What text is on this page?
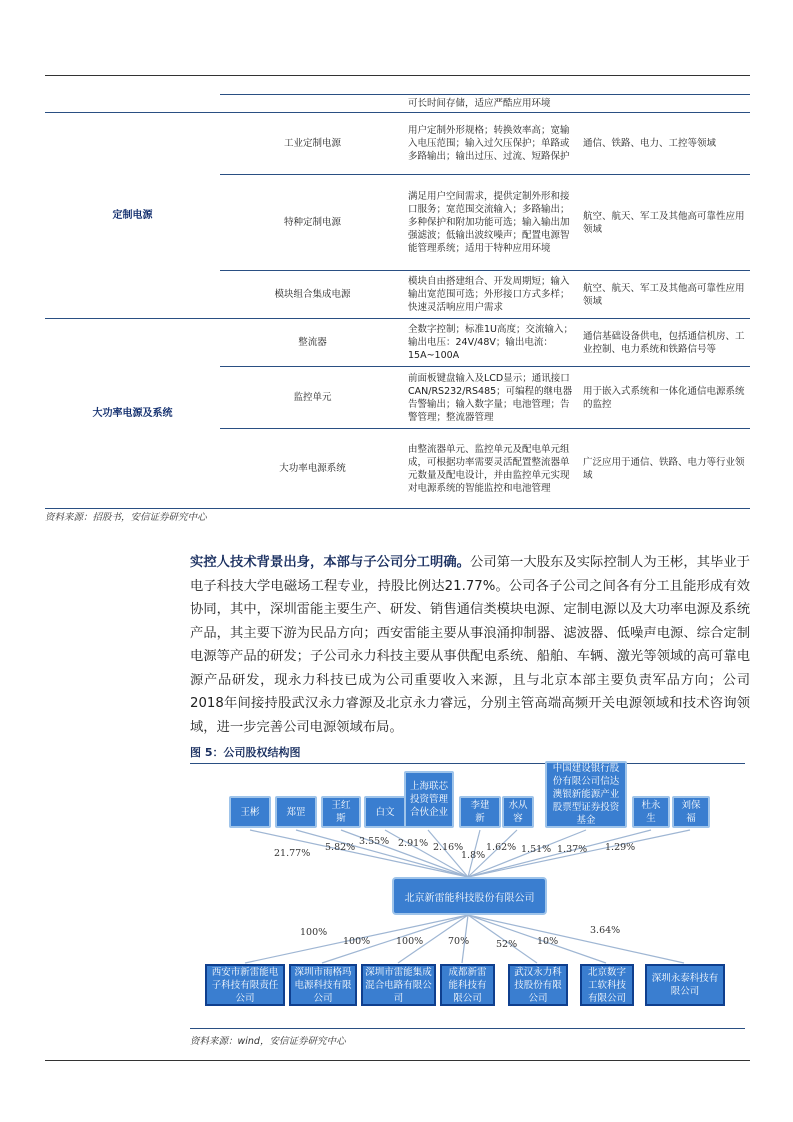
		可长时间存储，适应严酷应用环境	
定制电源	工业定制电源	用户定制外形规格；转换效率高；宽输入电压范围；输入过欠压保护；单路或多路输出；输出过压、过流、短路保护	通信、铁路、电力、工控等领域
	特种定制电源	满足用户空间需求，提供定制外形和接口服务；宽范围交流输入；多路输出；多种保护和附加功能可选；输入输出加强滤波；低输出波纹噪声；配置电源智能管理系统；适用于特种应用环境	航空、航天、军工及其他高可靠性应用领域
	模块组合集成电源	模块自由搭建组合、开发周期短；输入输出宽范围可选；外形接口方式多样；快速灵活响应用户需求	航空、航天、军工及其他高可靠性应用领域
大功率电源及系统	整流器	全数字控制；标准1U高度；交流输入；输出电压：24V/48V；输出电流：15A~100A	通信基础设备供电，包括通信机房、工业控制、电力系统和铁路信号等
	监控单元	前面板键盘输入及LCD显示；通讯接口CAN/RS232/RS485；可编程的继电器告警输出；输入数字量；电池管理；告警管理；整流器管理	用于嵌入式系统和一体化通信电源系统的监控
	大功率电源系统	由整流器单元、监控单元及配电单元组成，可根据功率需要灵活配置整流器单元数量及配电设计，并由监控单元实现对电源系统的智能监控和电池管理	广泛应用于通信、铁路、电力等行业领域
资料来源：招股书，安信证券研究中心
实控人技术背景出身，本部与子公司分工明确。公司第一大股东及实际控制人为王彬，其毕业于电子科技大学电磁场工程专业，持股比例达21.77%。公司各子公司之间各有分工且能形成有效协同，其中，深圳雷能主要生产、研发、销售通信类模块电源、定制电源以及大功率电源及系统产品，其主要下游为民品方向；西安雷能主要从事浪涌抑制器、滤波器、低噪声电源、综合定制电源等产品的研发；子公司永力科技主要从事供配电系统、船舶、车辆、激光等领域的高可靠电源产品研发，现永力科技已成为公司重要收入来源，且与北京本部主要负责军品方向；公司2018年间接持股武汉永力睿源及北京永力睿远，分别主管高端高频开关电源领域和技术咨询领域，进一步完善公司电源领域布局。
图 5：公司股权结构图
王彬	郑罡
王红斯
白文
上海联芯投资管理合伙企业
李建新
水从容
中国建设银行股份有限公司信达澳银新能源产业股票型证券投资基金
杜永生
刘保福
21.77%
5.82%
3.55% 2.91% 2.16%
1.8%
1.62% 1.51% 1.37% 1.29%
北京新雷能科技股份有限公司
100%
100%	100%	70%	52% 10%
3.64%
西安市新雷能电子科技有限责任公司
深圳市雨格玛电源科技有限公司
深圳市雷能集成混合电路有限公司
成都新雷能科技有限公司
武汉永力科技股份有限公司
北京数字工软科技有限公司
深圳永泰科技有限公司
资料来源：wind，安信证券研究中心
